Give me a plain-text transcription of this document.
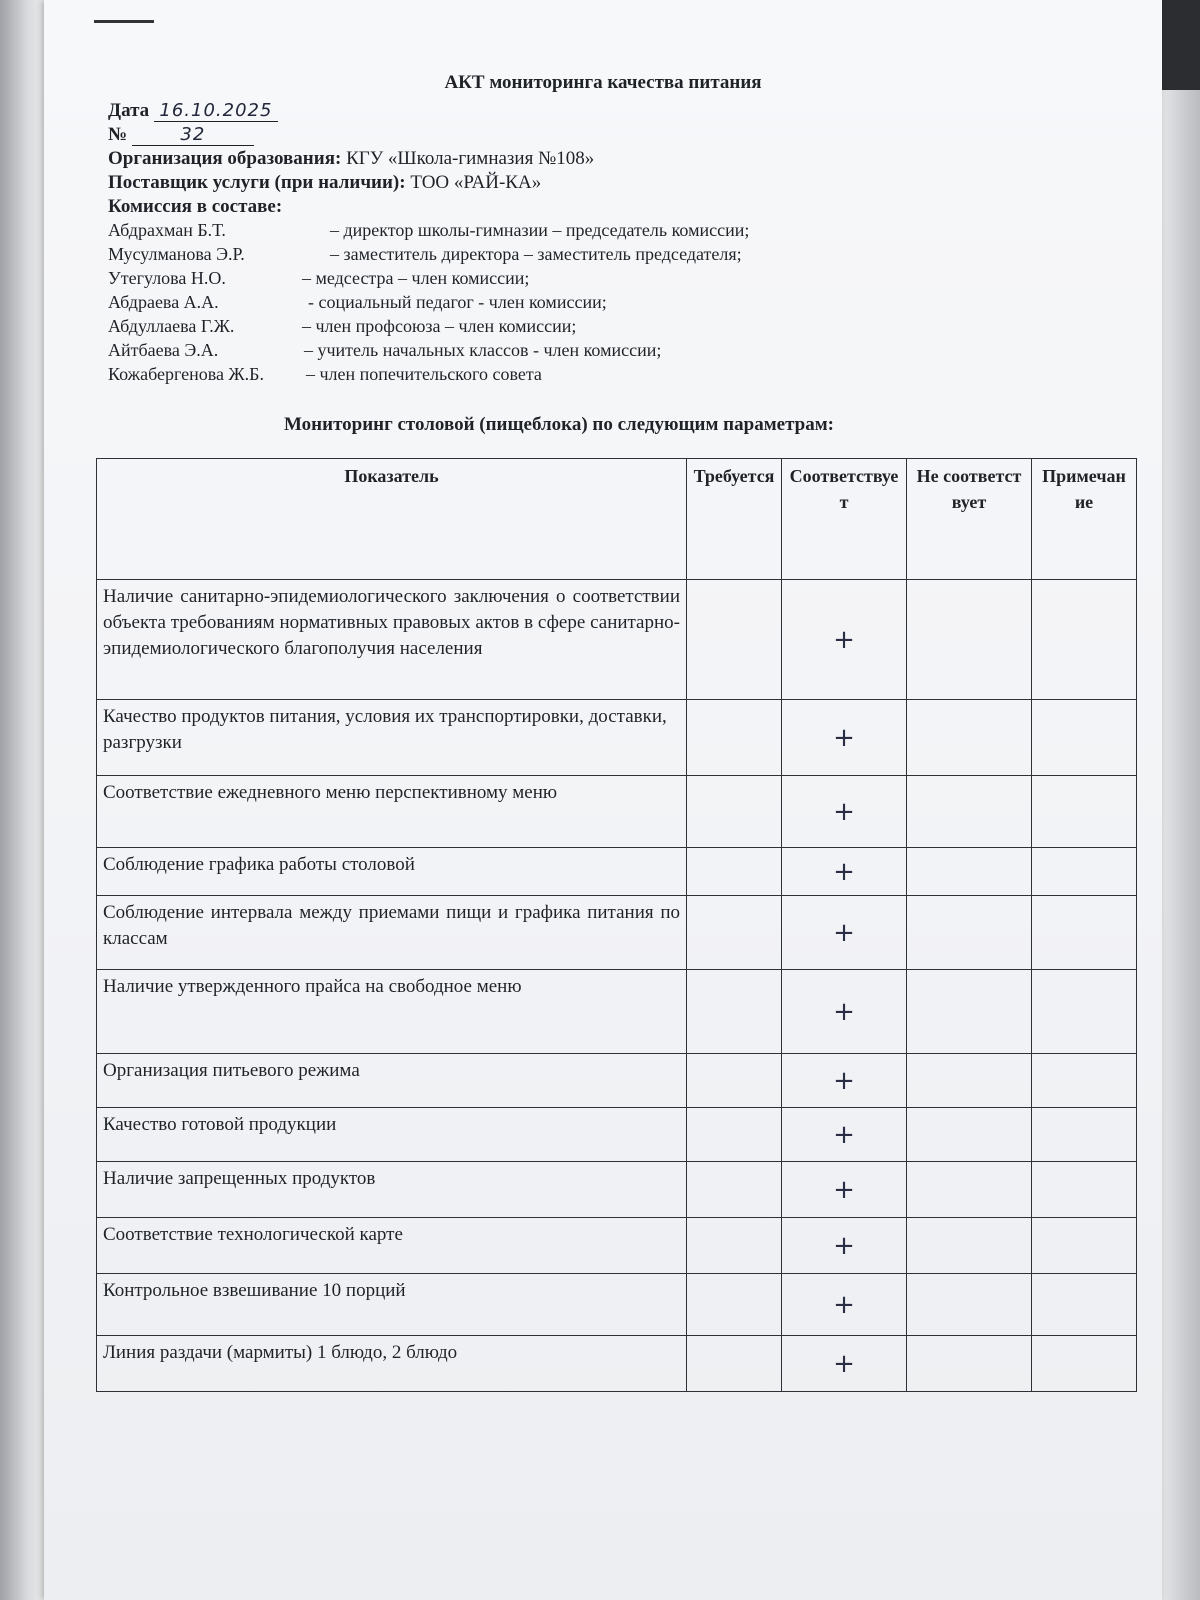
АКТ мониторинга качества питания
Дата 16.10.2025
№	32
Организация образования: КГУ «Школа-гимназия №108»
Поставщик услуги (при наличии): ТОО «РАЙ-КА»
Комиссия в составе:
Абдрахман Б.Т.	– директор школы-гимназии – председатель комиссии;
Мусулманова Э.Р.	– заместитель директора – заместитель председателя;
Утегулова Н.О.	– медсестра – член комиссии;
Абдраева А.А.	- социальный педагог - член комиссии;
Абдуллаева Г.Ж.	– член профсоюза – член комиссии;
Айтбаева Э.А.	– учитель начальных классов - член комиссии;
Кожабергенова Ж.Б. – член попечительского совета
Мониторинг столовой (пищеблока) по следующим параметрам:
Показатель	Требуется	Соответствует	Не соответствует	Примечание
Наличие санитарно-эпидемиологического заключения о соответствии объекта требованиям нормативных правовых актов в сфере санитарно-эпидемиологического благополучия населения		+		
Качество продуктов питания, условия их транспортировки, доставки, разгрузки		+		
Соответствие ежедневного меню перспективному меню		+		
Соблюдение графика работы столовой		+		
Соблюдение интервала между приемами пищи и графика питания по классам		+		
Наличие утвержденного прайса на свободное меню		+		
Организация питьевого режима		+		
Качество готовой продукции		+		
Наличие запрещенных продуктов		+		
Соответствие технологической карте		+		
Контрольное взвешивание 10 порций		+		
Линия раздачи (мармиты) 1 блюдо, 2 блюдо		+		
